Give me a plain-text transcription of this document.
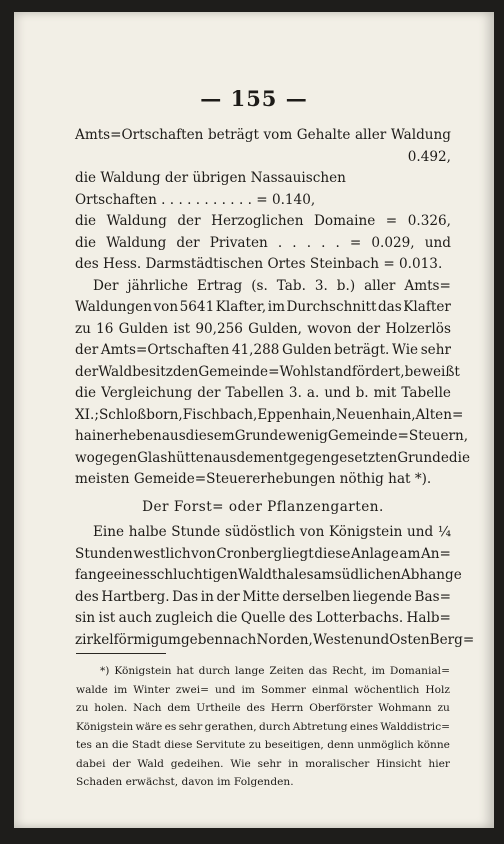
— 155 —
Amts=Ortschaften beträgt vom Gehalte aller Waldung
0.492,
die Waldung der übrigen Nassauischen
Ortschaften . . . . . . . . . . . = 0.140,
die Waldung der Herzoglichen Domaine = 0.326,
die Waldung der Privaten . . . . . = 0.029, und
des Hess. Darmstädtischen Ortes Steinbach = 0.013.
Der jährliche Ertrag (s. Tab. 3. b.) aller Amts=
Waldungen von 5641 Klafter, im Durchschnitt das Klafter
zu 16 Gulden ist 90,256 Gulden, wovon der Holzerlös
der Amts=Ortschaften 41,288 Gulden beträgt. Wie sehr
der Waldbesitz den Gemeinde=Wohlstand fördert, beweißt
die Vergleichung der Tabellen 3. a. und b. mit Tabelle
XI.; Schloßborn, Fischbach, Eppenhain, Neuenhain, Alten=
hain erheben aus diesem Grunde wenig Gemeinde=Steuern,
wogegen Glashütten aus dem entgegengesetzten Grunde die
meisten Gemeide=Steuererhebungen nöthig hat *).
Der Forst= oder Pflanzengarten.
Eine halbe Stunde südöstlich von Königstein und ¼
Stunden westlich von Cronberg liegt diese Anlage am An=
fange eines schluchtigen Waldthales am südlichen Abhange
des Hartberg. Das in der Mitte derselben liegende Bas=
sin ist auch zugleich die Quelle des Lotterbachs. Halb=
zirkelförmig umgeben nach Norden, Westen und Osten Berg=
*) Königstein hat durch lange Zeiten das Recht, im Domanial=
walde im Winter zwei= und im Sommer einmal wöchentlich Holz
zu holen. Nach dem Urtheile des Herrn Oberförster Wohmann zu
Königstein wäre es sehr gerathen, durch Abtretung eines Walddistric=
tes an die Stadt diese Servitute zu beseitigen, denn unmöglich könne
dabei der Wald gedeihen. Wie sehr in moralischer Hinsicht hier
Schaden erwächst, davon im Folgenden.
